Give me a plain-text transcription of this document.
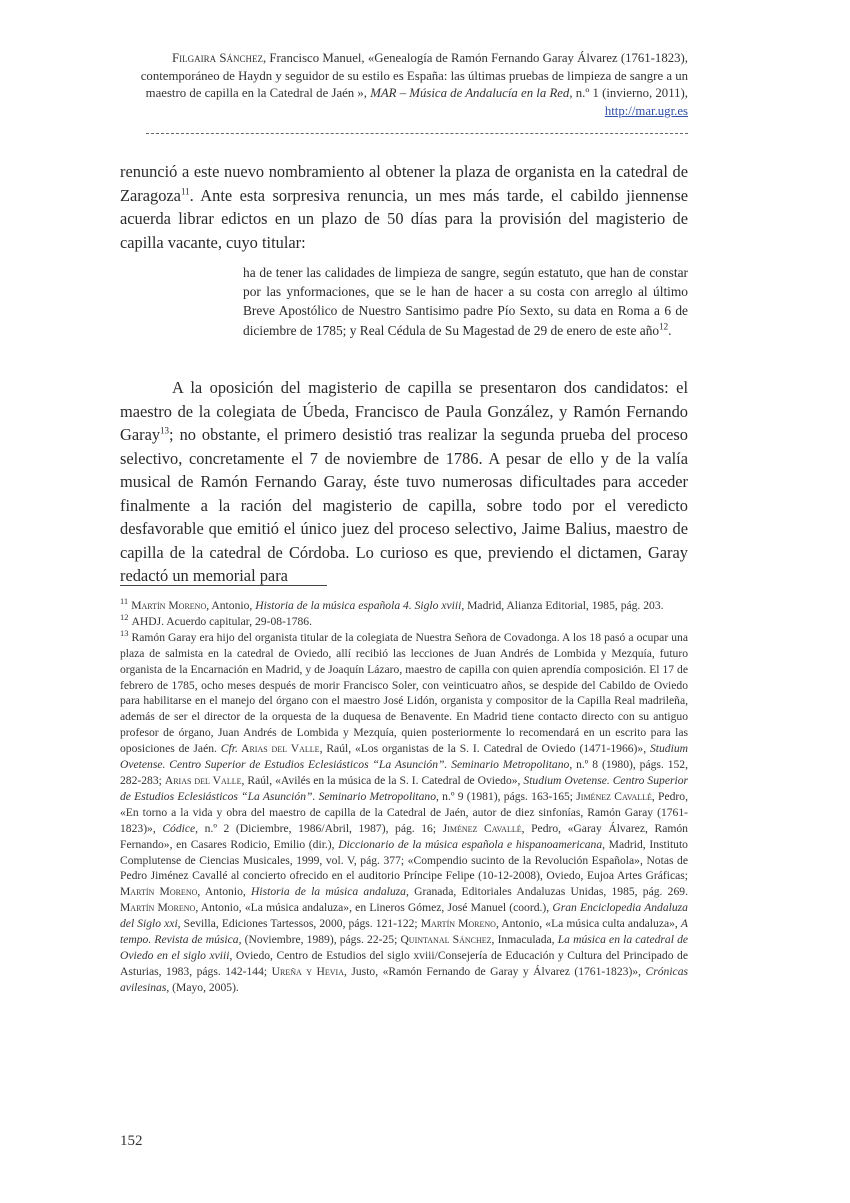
Filgaira Sánchez, Francisco Manuel, «Genealogía de Ramón Fernando Garay Álvarez (1761-1823), contemporáneo de Haydn y seguidor de su estilo es España: las últimas pruebas de limpieza de sangre a un maestro de capilla en la Catedral de Jaén », MAR – Música de Andalucía en la Red, n.º 1 (invierno, 2011), http://mar.ugr.es
renunció a este nuevo nombramiento al obtener la plaza de organista en la catedral de Zaragoza$^{11}$. Ante esta sorpresiva renuncia, un mes más tarde, el cabildo jiennense acuerda librar edictos en un plazo de 50 días para la provisión del magisterio de capilla vacante, cuyo titular:
ha de tener las calidades de limpieza de sangre, según estatuto, que han de constar por las ynformaciones, que se le han de hacer a su costa con arreglo al último Breve Apostólico de Nuestro Santisimo padre Pío Sexto, su data en Roma a 6 de diciembre de 1785; y Real Cédula de Su Magestad de 29 de enero de este año$^{12}$.
A la oposición del magisterio de capilla se presentaron dos candidatos: el maestro de la colegiata de Úbeda, Francisco de Paula González, y Ramón Fernando Garay$^{13}$; no obstante, el primero desistió tras realizar la segunda prueba del proceso selectivo, concretamente el 7 de noviembre de 1786. A pesar de ello y de la valía musical de Ramón Fernando Garay, éste tuvo numerosas dificultades para acceder finalmente a la ración del magisterio de capilla, sobre todo por el veredicto desfavorable que emitió el único juez del proceso selectivo, Jaime Balius, maestro de capilla de la catedral de Córdoba. Lo curioso es que, previendo el dictamen, Garay redactó un memorial para

$^{11}$ Martín Moreno, Antonio, Historia de la música española 4. Siglo xviii, Madrid, Alianza Editorial, 1985, pág. 203.

$^{12}$ AHDJ. Acuerdo capitular, 29-08-1786.

$^{13}$ Ramón Garay era hijo del organista titular de la colegiata de Nuestra Señora de Covadonga. A los 18 pasó a ocupar una plaza de salmista en la catedral de Oviedo, allí recibió las lecciones de Juan Andrés de Lombida y Mezquía, futuro organista de la Encarnación en Madrid, y de Joaquín Lázaro, maestro de capilla con quien aprendía composición. El 17 de febrero de 1785, ocho meses después de morir Francisco Soler, con veinticuatro años, se despide del Cabildo de Oviedo para habilitarse en el manejo del órgano con el maestro José Lidón, organista y compositor de la Capilla Real madrileña, además de ser el director de la orquesta de la duquesa de Benavente. En Madrid tiene contacto directo con su antiguo profesor de órgano, Juan Andrés de Lombida y Mezquía, quien posteriormente lo recomendará en un escrito para las oposiciones de Jaén. Cfr. Arias del Valle, Raúl, «Los organistas de la S. I. Catedral de Oviedo (1471-1966)», Studium Ovetense. Centro Superior de Estudios Eclesiásticos “La Asunción”. Seminario Metropolitano, n.º 8 (1980), págs. 152, 282-283; Arias del Valle, Raúl, «Avilés en la música de la S. I. Catedral de Oviedo», Studium Ovetense. Centro Superior de Estudios Eclesiásticos “La Asunción”. Seminario Metropolitano, n.º 9 (1981), págs. 163-165; Jiménez Cavallé, Pedro, «En torno a la vida y obra del maestro de capilla de la Catedral de Jaén, autor de diez sinfonías, Ramón Garay (1761-1823)», Códice, n.º 2 (Diciembre, 1986/Abril, 1987), pág. 16; Jiménez Cavallé, Pedro, «Garay Álvarez, Ramón Fernando», en Casares Rodicio, Emilio (dir.), Diccionario de la música española e hispanoamericana, Madrid, Instituto Complutense de Ciencias Musicales, 1999, vol. V, pág. 377; «Compendio sucinto de la Revolución Española», Notas de Pedro Jiménez Cavallé al concierto ofrecido en el auditorio Príncipe Felipe (10-12-2008), Oviedo, Eujoa Artes Gráficas; Martín Moreno, Antonio, Historia de la música andaluza, Granada, Editoriales Andaluzas Unidas, 1985, pág. 269. Martín Moreno, Antonio, «La música andaluza», en Lineros Gómez, José Manuel (coord.), Gran Enciclopedia Andaluza del Siglo xxi, Sevilla, Ediciones Tartessos, 2000, págs. 121-122; Martín Moreno, Antonio, «La música culta andaluza», A tempo. Revista de música, (Noviembre, 1989), págs. 22-25; Quintanal Sánchez, Inmaculada, La música en la catedral de Oviedo en el siglo xviii, Oviedo, Centro de Estudios del siglo xviii/Consejería de Educación y Cultura del Principado de Asturias, 1983, págs. 142-144; Ureña y Hevia, Justo, «Ramón Fernando de Garay y Álvarez (1761-1823)», Crónicas avilesinas, (Mayo, 2005).

152
